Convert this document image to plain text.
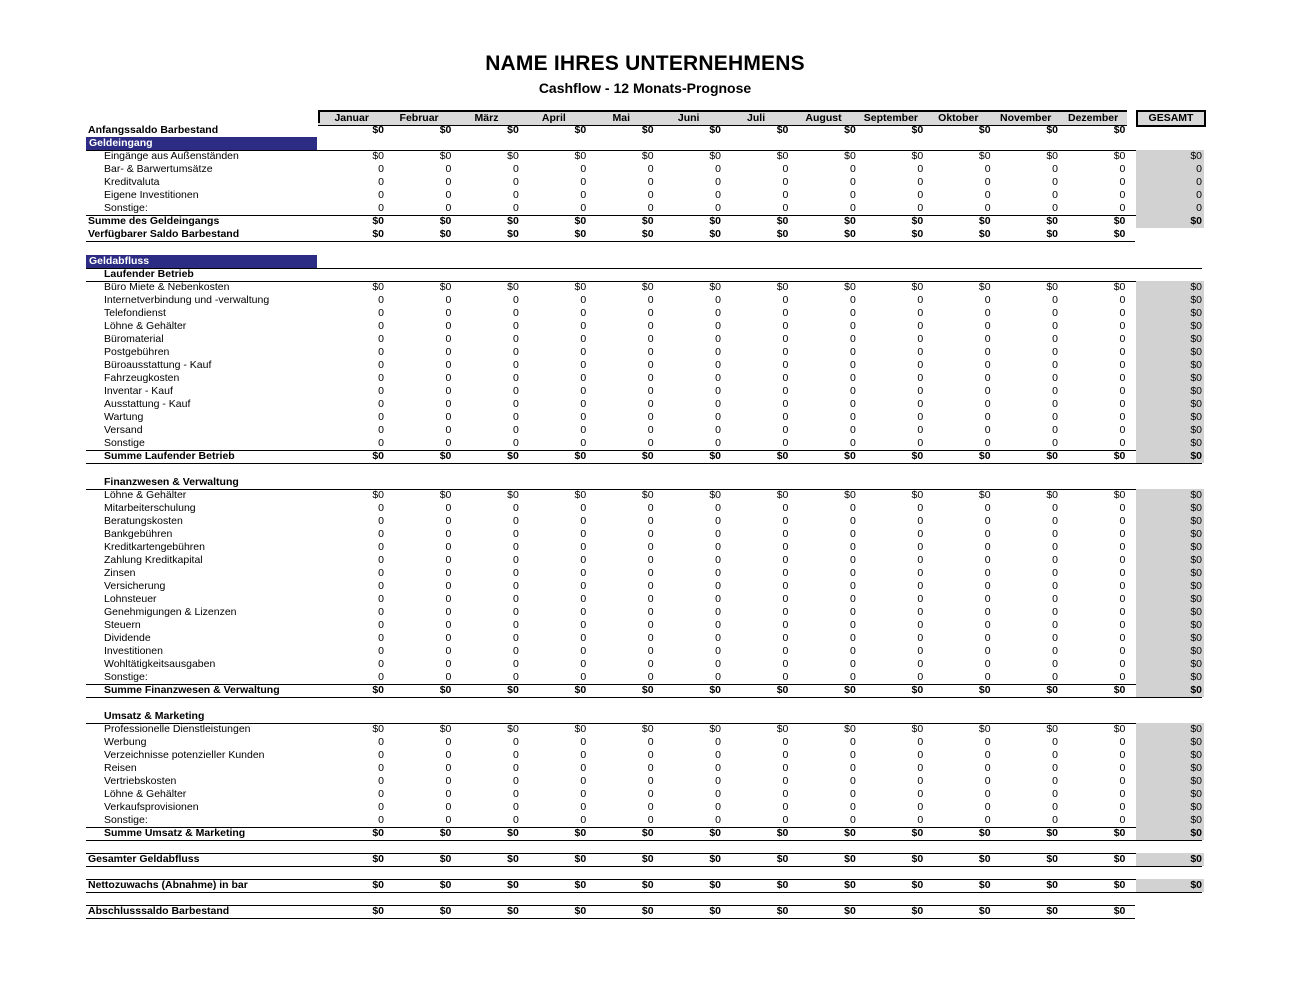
NAME IHRES UNTERNEHMENS
Cashflow - 12 Monats-Prognose
Januar	Februar	März	April	Mai	Juni	Juli	August	September	Oktober	November	Dezember	GESAMT
Anfangssaldo Barbestand	$0	$0	$0	$0	$0	$0	$0	$0	$0	$0	$0	$0
Geldeingang
Eingänge aus Außenständen	$0	$0	$0	$0	$0	$0	$0	$0	$0	$0	$0	$0	$0
Bar- & Barwertumsätze	0	0	0	0	0	0	0	0	0	0	0	0	0
Kreditvaluta	0	0	0	0	0	0	0	0	0	0	0	0	0
Eigene Investitionen	0	0	0	0	0	0	0	0	0	0	0	0	0
Sonstige:	0	0	0	0	0	0	0	0	0	0	0	0	0
Summe des Geldeingangs	$0	$0	$0	$0	$0	$0	$0	$0	$0	$0	$0	$0	$0
Verfügbarer Saldo Barbestand	$0	$0	$0	$0	$0	$0	$0	$0	$0	$0	$0	$0
Geldabfluss
Laufender Betrieb
Büro Miete & Nebenkosten	$0	$0	$0	$0	$0	$0	$0	$0	$0	$0	$0	$0	$0
Internetverbindung und -verwaltung	0	0	0	0	0	0	0	0	0	0	0	0	$0
Telefondienst	0	0	0	0	0	0	0	0	0	0	0	0	$0
Löhne & Gehälter	0	0	0	0	0	0	0	0	0	0	0	0	$0
Büromaterial	0	0	0	0	0	0	0	0	0	0	0	0	$0
Postgebühren	0	0	0	0	0	0	0	0	0	0	0	0	$0
Büroausstattung - Kauf	0	0	0	0	0	0	0	0	0	0	0	0	$0
Fahrzeugkosten	0	0	0	0	0	0	0	0	0	0	0	0	$0
Inventar - Kauf	0	0	0	0	0	0	0	0	0	0	0	0	$0
Ausstattung - Kauf	0	0	0	0	0	0	0	0	0	0	0	0	$0
Wartung	0	0	0	0	0	0	0	0	0	0	0	0	$0
Versand	0	0	0	0	0	0	0	0	0	0	0	0	$0
Sonstige	0	0	0	0	0	0	0	0	0	0	0	0	$0
Summe Laufender Betrieb	$0	$0	$0	$0	$0	$0	$0	$0	$0	$0	$0	$0	$0
Finanzwesen & Verwaltung
Löhne & Gehälter	$0	$0	$0	$0	$0	$0	$0	$0	$0	$0	$0	$0	$0
Mitarbeiterschulung	0	0	0	0	0	0	0	0	0	0	0	0	$0
Beratungskosten	0	0	0	0	0	0	0	0	0	0	0	0	$0
Bankgebühren	0	0	0	0	0	0	0	0	0	0	0	0	$0
Kreditkartengebühren	0	0	0	0	0	0	0	0	0	0	0	0	$0
Zahlung Kreditkapital	0	0	0	0	0	0	0	0	0	0	0	0	$0
Zinsen	0	0	0	0	0	0	0	0	0	0	0	0	$0
Versicherung	0	0	0	0	0	0	0	0	0	0	0	0	$0
Lohnsteuer	0	0	0	0	0	0	0	0	0	0	0	0	$0
Genehmigungen & Lizenzen	0	0	0	0	0	0	0	0	0	0	0	0	$0
Steuern	0	0	0	0	0	0	0	0	0	0	0	0	$0
Dividende	0	0	0	0	0	0	0	0	0	0	0	0	$0
Investitionen	0	0	0	0	0	0	0	0	0	0	0	0	$0
Wohltätigkeitsausgaben	0	0	0	0	0	0	0	0	0	0	0	0	$0
Sonstige:	0	0	0	0	0	0	0	0	0	0	0	0	$0
Summe Finanzwesen & Verwaltung	$0	$0	$0	$0	$0	$0	$0	$0	$0	$0	$0	$0	$0
Umsatz & Marketing
Professionelle Dienstleistungen	$0	$0	$0	$0	$0	$0	$0	$0	$0	$0	$0	$0	$0
Werbung	0	0	0	0	0	0	0	0	0	0	0	0	$0
Verzeichnisse potenzieller Kunden	0	0	0	0	0	0	0	0	0	0	0	0	$0
Reisen	0	0	0	0	0	0	0	0	0	0	0	0	$0
Vertriebskosten	0	0	0	0	0	0	0	0	0	0	0	0	$0
Löhne & Gehälter	0	0	0	0	0	0	0	0	0	0	0	0	$0
Verkaufsprovisionen	0	0	0	0	0	0	0	0	0	0	0	0	$0
Sonstige:	0	0	0	0	0	0	0	0	0	0	0	0	$0
Summe Umsatz & Marketing	$0	$0	$0	$0	$0	$0	$0	$0	$0	$0	$0	$0	$0
Gesamter Geldabfluss	$0	$0	$0	$0	$0	$0	$0	$0	$0	$0	$0	$0	$0
Nettozuwachs (Abnahme) in bar	$0	$0	$0	$0	$0	$0	$0	$0	$0	$0	$0	$0	$0
Abschlusssaldo Barbestand	$0	$0	$0	$0	$0	$0	$0	$0	$0	$0	$0	$0
